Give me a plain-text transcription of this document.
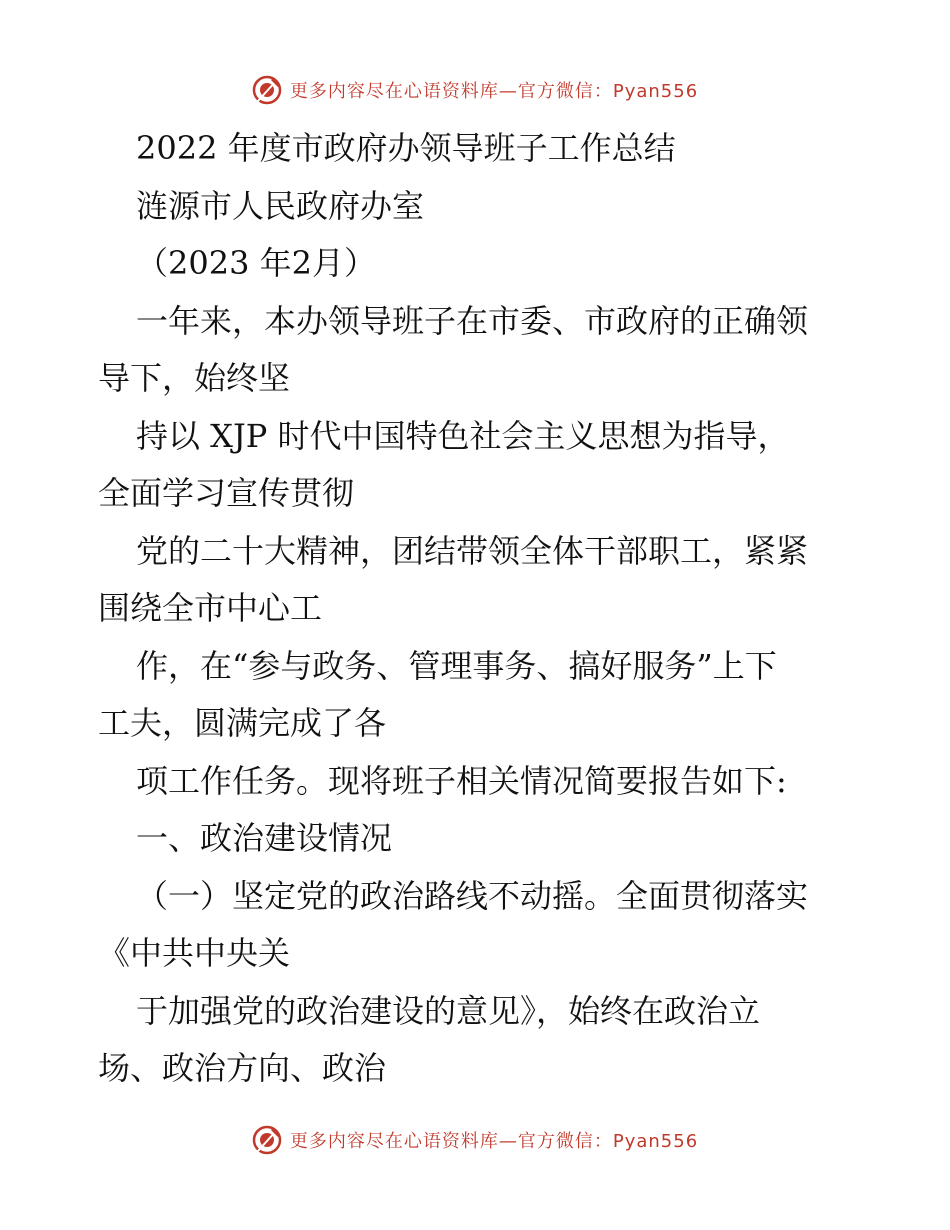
更多内容尽在心语资料库—官方微信：Pyan556
2022 年度市政府办领导班子工作总结
涟源市人民政府办室
（2023 年2月）
一年来，本办领导班子在市委、市政府的正确领
导下，始终坚
持以 XJP 时代中国特色社会主义思想为指导，
全面学习宣传贯彻
党的二十大精神，团结带领全体干部职工，紧紧
围绕全市中心工
作，在“参与政务、管理事务、搞好服务”上下
工夫，圆满完成了各
项工作任务。现将班子相关情况简要报告如下:
一、政治建设情况
（一）坚定党的政治路线不动摇。全面贯彻落实
《中共中央关
于加强党的政治建设的意见》，始终在政治立
场、政治方向、政治
更多内容尽在心语资料库—官方微信：Pyan556
